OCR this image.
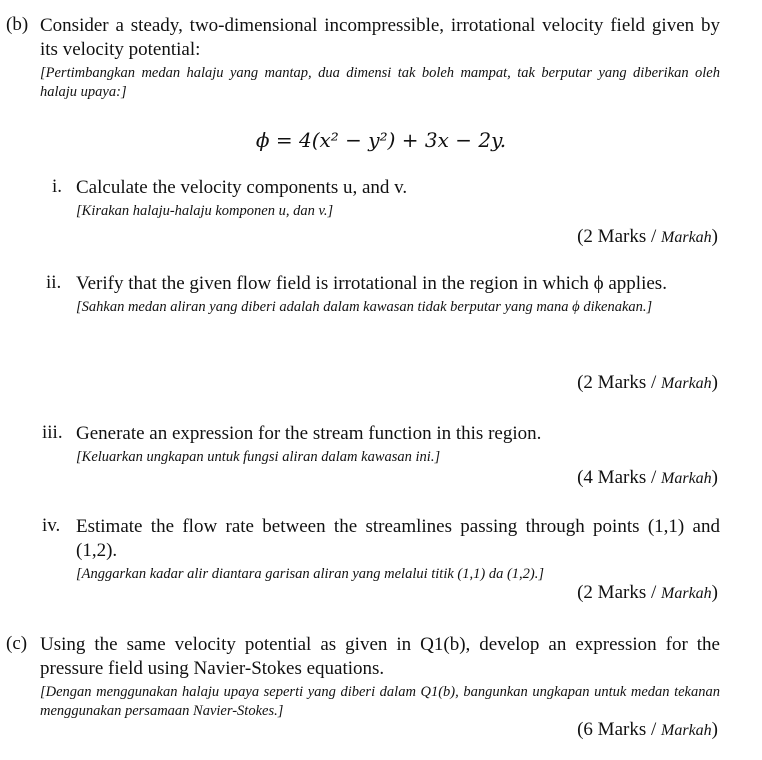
(b) Consider a steady, two-dimensional incompressible, irrotational velocity field given by its velocity potential:
[Pertimbangkan medan halaju yang mantap, dua dimensi tak boleh mampat, tak berputar yang diberikan oleh halaju upaya:]
ϕ = 4(x² − y²) + 3x − 2y.
i. Calculate the velocity components u, and v.
[Kirakan halaju-halaju komponen u, dan v.]
(2 Marks / Markah)
ii. Verify that the given flow field is irrotational in the region in which ϕ applies.
[Sahkan medan aliran yang diberi adalah dalam kawasan tidak berputar yang mana ϕ dikenakan.]
(2 Marks / Markah)
iii. Generate an expression for the stream function in this region.
[Keluarkan ungkapan untuk fungsi aliran dalam kawasan ini.]
(4 Marks / Markah)
iv. Estimate the flow rate between the streamlines passing through points (1,1) and (1,2).
[Anggarkan kadar alir diantara garisan aliran yang melalui titik (1,1) da (1,2).]
(2 Marks / Markah)
(c) Using the same velocity potential as given in Q1(b), develop an expression for the pressure field using Navier-Stokes equations.
[Dengan menggunakan halaju upaya seperti yang diberi dalam Q1(b), bangunkan ungkapan untuk medan tekanan menggunakan persamaan Navier-Stokes.]
(6 Marks / Markah)
